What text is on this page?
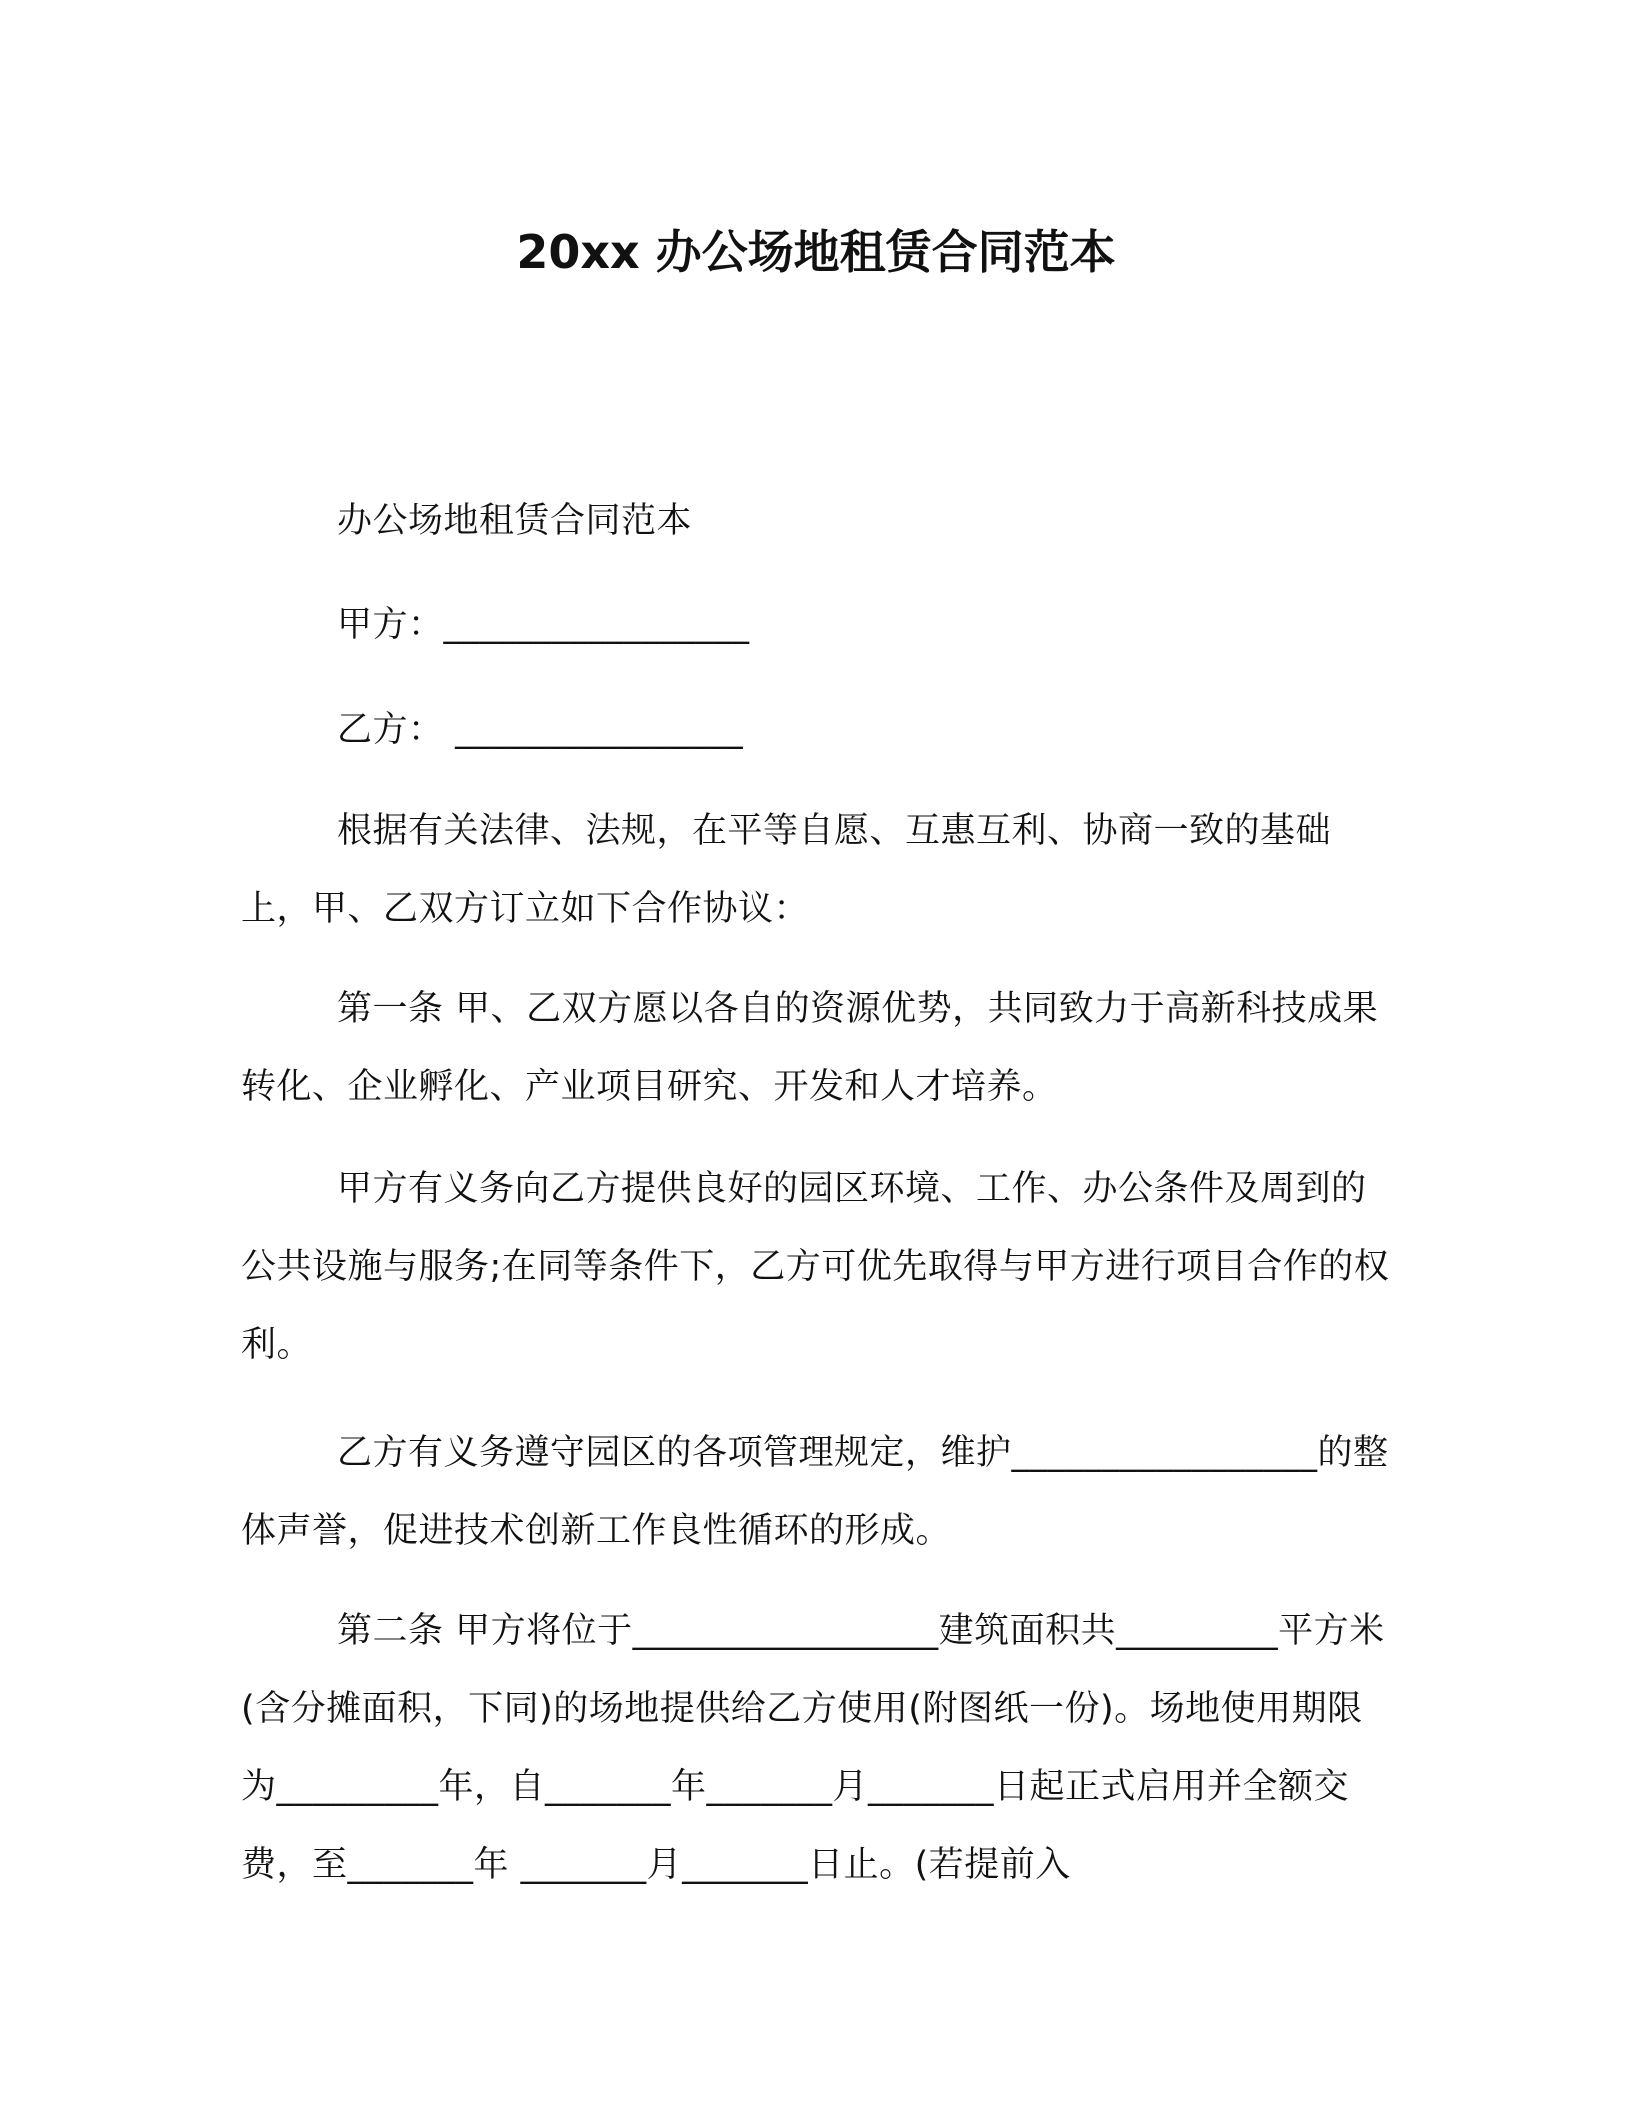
20xx 办公场地租赁合同范本
办公场地租赁合同范本
甲方：_________________
乙方： ________________

根据有关法律、法规，在平等自愿、互惠互利、协商一致的基础上，甲、乙双方订立如下合作协议：

第一条 甲、乙双方愿以各自的资源优势，共同致力于高新科技成果转化、企业孵化、产业项目研究、开发和人才培养。

甲方有义务向乙方提供良好的园区环境、工作、办公条件及周到的公共设施与服务;在同等条件下，乙方可优先取得与甲方进行项目合作的权利。

乙方有义务遵守园区的各项管理规定，维护_________________的整体声誉，促进技术创新工作良性循环的形成。

第二条 甲方将位于_________________建筑面积共_________平方米(含分摊面积，下同)的场地提供给乙方使用(附图纸一份)。场地使用期限为_________年，自_______年_______月_______日起正式启用并全额交费，至_______年 _______月_______日止。(若提前入
